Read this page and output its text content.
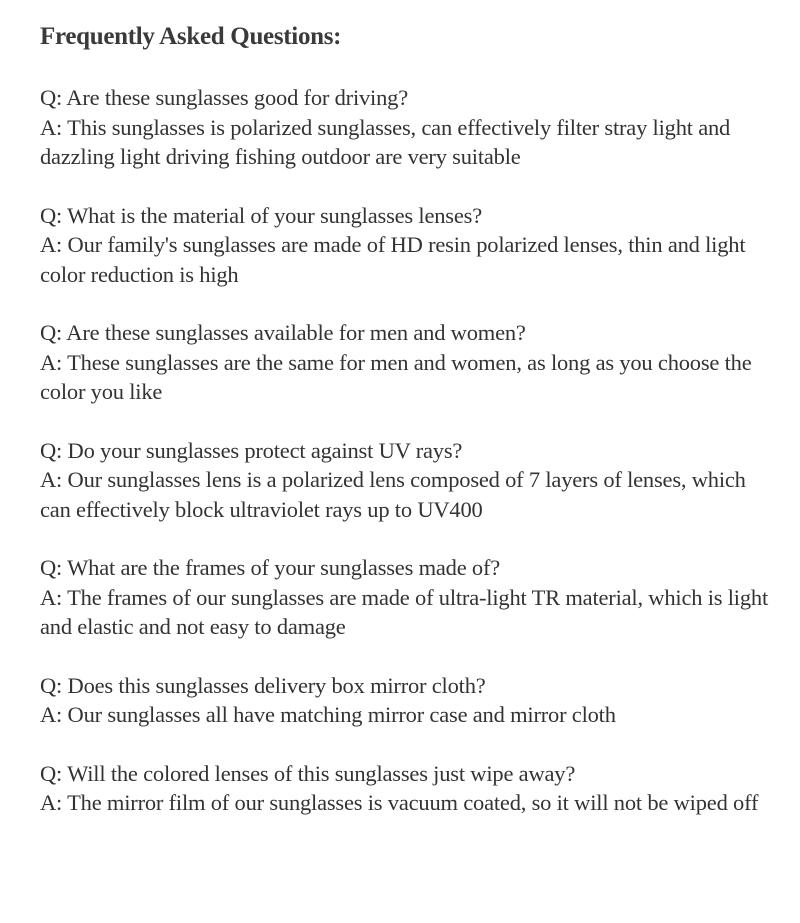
Frequently Asked Questions:
Q: Are these sunglasses good for driving?
A: This sunglasses is polarized sunglasses, can effectively filter stray light and dazzling light driving fishing outdoor are very suitable
Q: What is the material of your sunglasses lenses?
A: Our family's sunglasses are made of HD resin polarized lenses, thin and light color reduction is high
Q: Are these sunglasses available for men and women?
A: These sunglasses are the same for men and women, as long as you choose the color you like
Q: Do your sunglasses protect against UV rays?
A: Our sunglasses lens is a polarized lens composed of 7 layers of lenses, which can effectively block ultraviolet rays up to UV400
Q: What are the frames of your sunglasses made of?
A: The frames of our sunglasses are made of ultra-light TR material, which is light and elastic and not easy to damage
Q: Does this sunglasses delivery box mirror cloth?
A: Our sunglasses all have matching mirror case and mirror cloth
Q: Will the colored lenses of this sunglasses just wipe away?
A: The mirror film of our sunglasses is vacuum coated, so it will not be wiped off
